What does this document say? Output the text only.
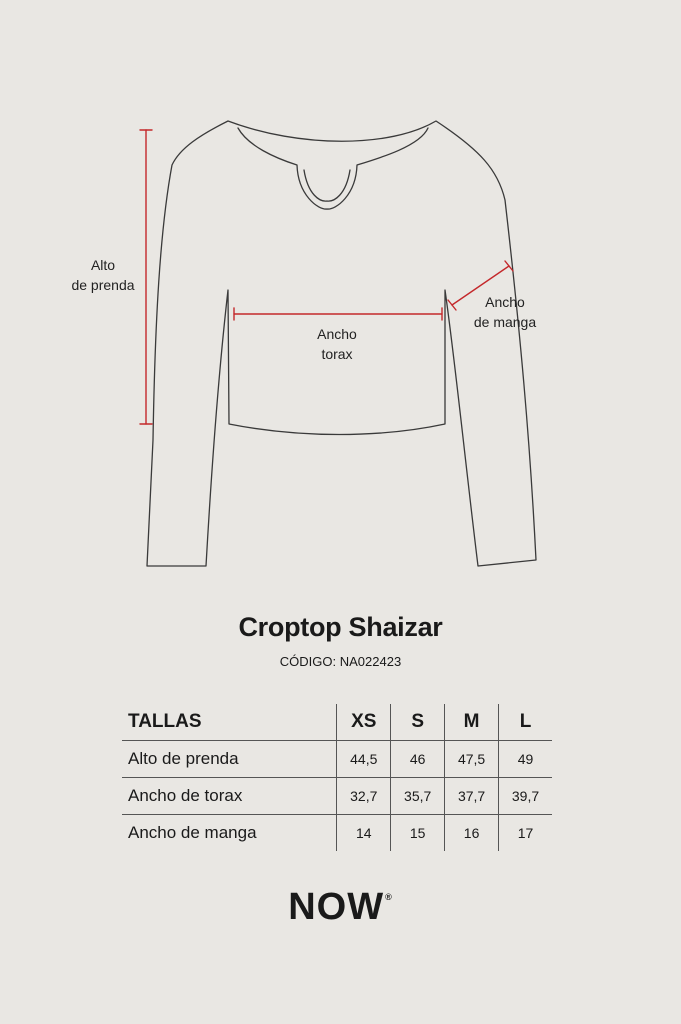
Alto
de prenda
Ancho
torax
Ancho
de manga
Croptop Shaizar
CÓDIGO: NA022423
TALLAS	XS	S	M	L
Alto de prenda	44,5	46	47,5	49
Ancho de torax	32,7	35,7	37,7	39,7
Ancho de manga	14	15	16	17
NOW®
